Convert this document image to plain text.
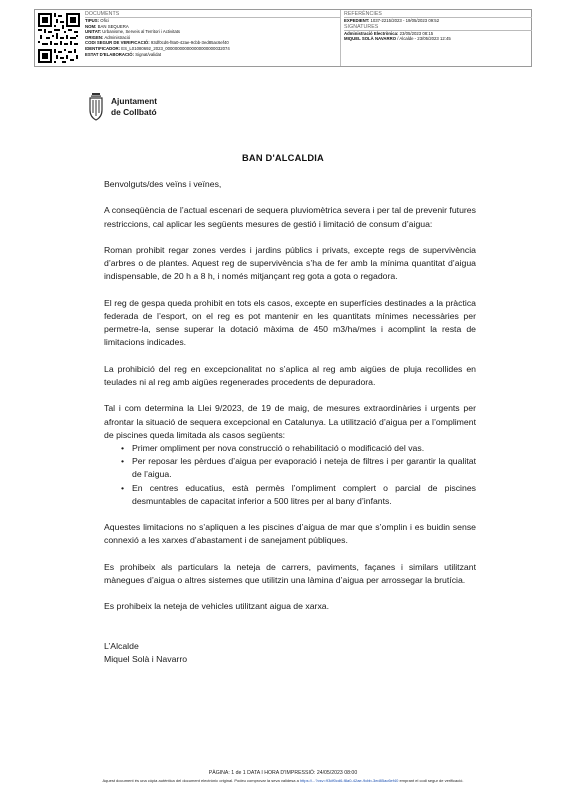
DOCUMENTS
TIPUS: Ofici
NOM: BAN SEQUERA
UNITAT: Urbanisme, Serveis al Territori i Activitats
ORIGEN: Administració
CODI SEGUR DE VERIFICACIÓ: 93df0cd6-f8a0-42ae-9cbb-3ed85ac6ef40
IDENTIFICADOR: ES_L01080692_2023_000000000000000000000032074
ESTAT D'ELABORACIÓ: Signat/validat
REFERÈNCIES
EXPEDIENT: 1037-2215/2023 - 19/05/2023 09:52
SIGNATURES
Administració Electrònica: 23/05/2023 08:15
MIQUEL SOLÀ NAVARRO / Alcalde - 23/05/2023 12:45
Ajuntament
de Collbató
BAN D'ALCALDIA

Benvolguts/des veïns i veïnes,

A conseqüència de l’actual escenari de sequera pluviomètrica severa i per tal de prevenir futures restriccions, cal aplicar les següents mesures de gestió i limitació de consum d’aigua:

Roman prohibit regar zones verdes i jardins públics i privats, excepte regs de supervivència d’arbres o de plantes. Aquest reg de supervivència s’ha de fer amb la mínima quantitat d’aigua indispensable, de 20 h a 8 h, i només mitjançant reg gota a gota o regadora.

El reg de gespa queda prohibit en tots els casos, excepte en superfícies destinades a la pràctica federada de l’esport, on el reg es pot mantenir en les quantitats mínimes necessàries per permetre-la, sense superar la dotació màxima de 450 m3/ha/mes i acomplint la resta de limitacions indicades.

La prohibició del reg en excepcionalitat no s’aplica al reg amb aigües de pluja recollides en teulades ni al reg amb aigües regenerades procedents de depuradora.

Tal i com determina la Llei 9/2023, de 19 de maig, de mesures extraordinàries i urgents per afrontar la situació de sequera excepcional en Catalunya. La utilització d’aigua per a l’ompliment de piscines queda limitada als casos següents:

• Primer ompliment per nova construcció o rehabilitació o modificació del vas.
• Per reposar les pèrdues d’aigua per evaporació i neteja de filtres i per garantir la qualitat de l’aigua.
• En centres educatius, està permès l’ompliment complert o parcial de piscines desmuntables de capacitat inferior a 500 litres per al bany d’infants.

Aquestes limitacions no s’apliquen a les piscines d’aigua de mar que s’omplin i es buidin sense connexió a les xarxes d’abastament i de sanejament públiques.

Es prohibeix als particulars la neteja de carrers, paviments, façanes i similars utilitzant mànegues d’aigua o altres sistemes que utilitzin una làmina d’aigua per arrossegar la brutícia.

Es prohibeix la neteja de vehicles utilitzant aigua de xarxa.

L’Alcalde
Miquel Solà i Navarro
PÀGINA: 1 de 1 DATA I HORA D'IMPRESSIÓ: 24/05/2023 08:00
Aquest document és una còpia autèntica del document electrònic original. Podeu comprovar la seva validesa a https://...?csv=93df0cd6-f8a0-42ae-9cbb-3ed85ac6ef40 emprant el codi segur de verificació.
